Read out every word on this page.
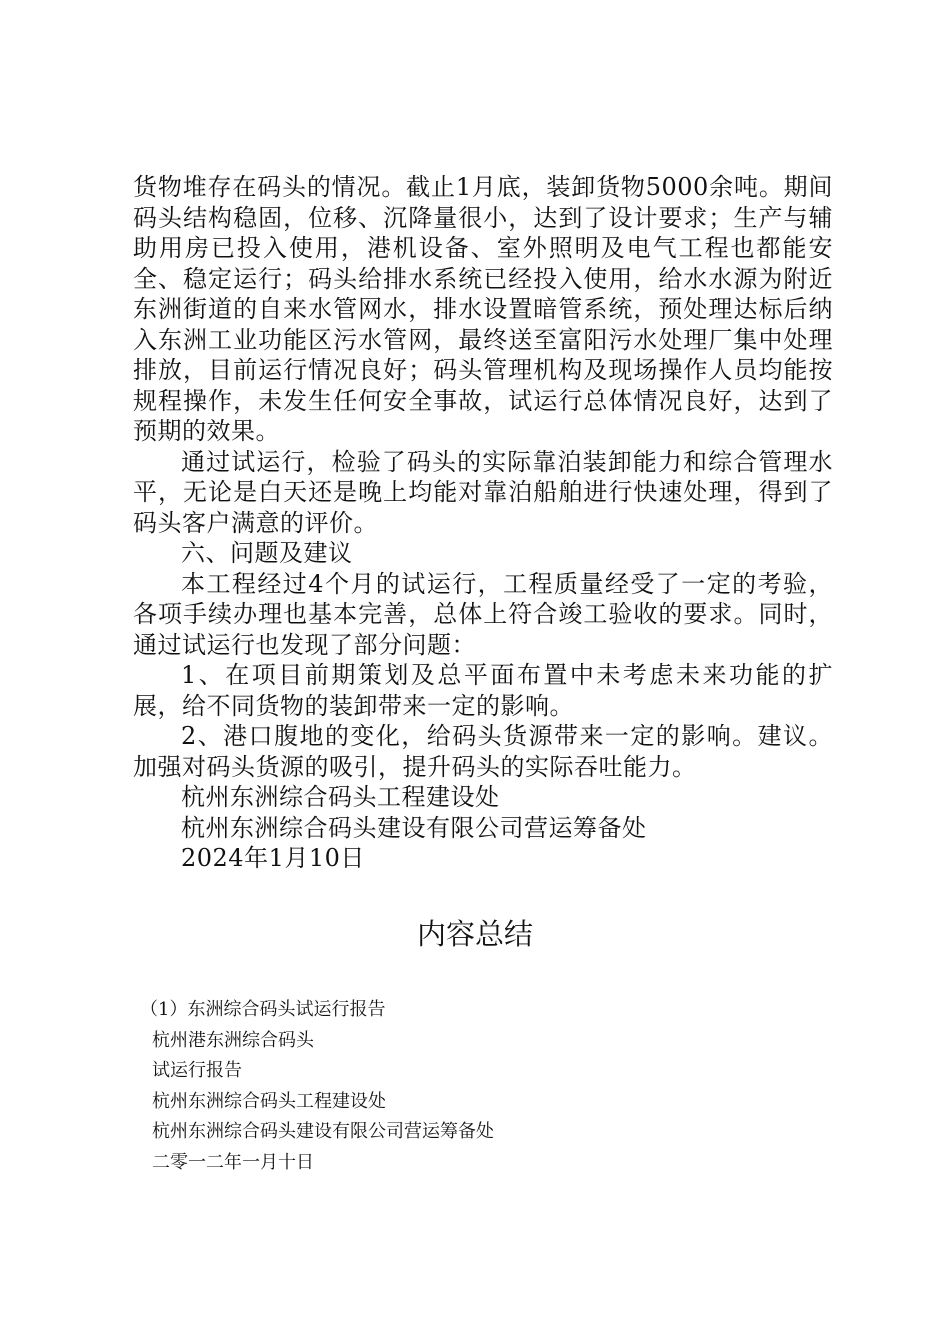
货物堆存在码头的情况。截止1月底，装卸货物5000余吨。期间码头结构稳固，位移、沉降量很小，达到了设计要求；生产与辅助用房已投入使用，港机设备、室外照明及电气工程也都能安全、稳定运行；码头给排水系统已经投入使用，给水水源为附近东洲街道的自来水管网水，排水设置暗管系统，预处理达标后纳入东洲工业功能区污水管网，最终送至富阳污水处理厂集中处理排放，目前运行情况良好；码头管理机构及现场操作人员均能按规程操作，未发生任何安全事故，试运行总体情况良好，达到了预期的效果。

通过试运行，检验了码头的实际靠泊装卸能力和综合管理水平，无论是白天还是晚上均能对靠泊船舶进行快速处理，得到了码头客户满意的评价。

六、问题及建议

本工程经过4个月的试运行，工程质量经受了一定的考验，各项手续办理也基本完善，总体上符合竣工验收的要求。同时，通过试运行也发现了部分问题：

1、在项目前期策划及总平面布置中未考虑未来功能的扩展，给不同货物的装卸带来一定的影响。

2、港口腹地的变化，给码头货源带来一定的影响。建议。加强对码头货源的吸引，提升码头的实际吞吐能力。

杭州东洲综合码头工程建设处

杭州东洲综合码头建设有限公司营运筹备处

2024年1月10日

内容总结
（1）东洲综合码头试运行报告
杭州港东洲综合码头
试运行报告
杭州东洲综合码头工程建设处
杭州东洲综合码头建设有限公司营运筹备处
二零一二年一月十日
